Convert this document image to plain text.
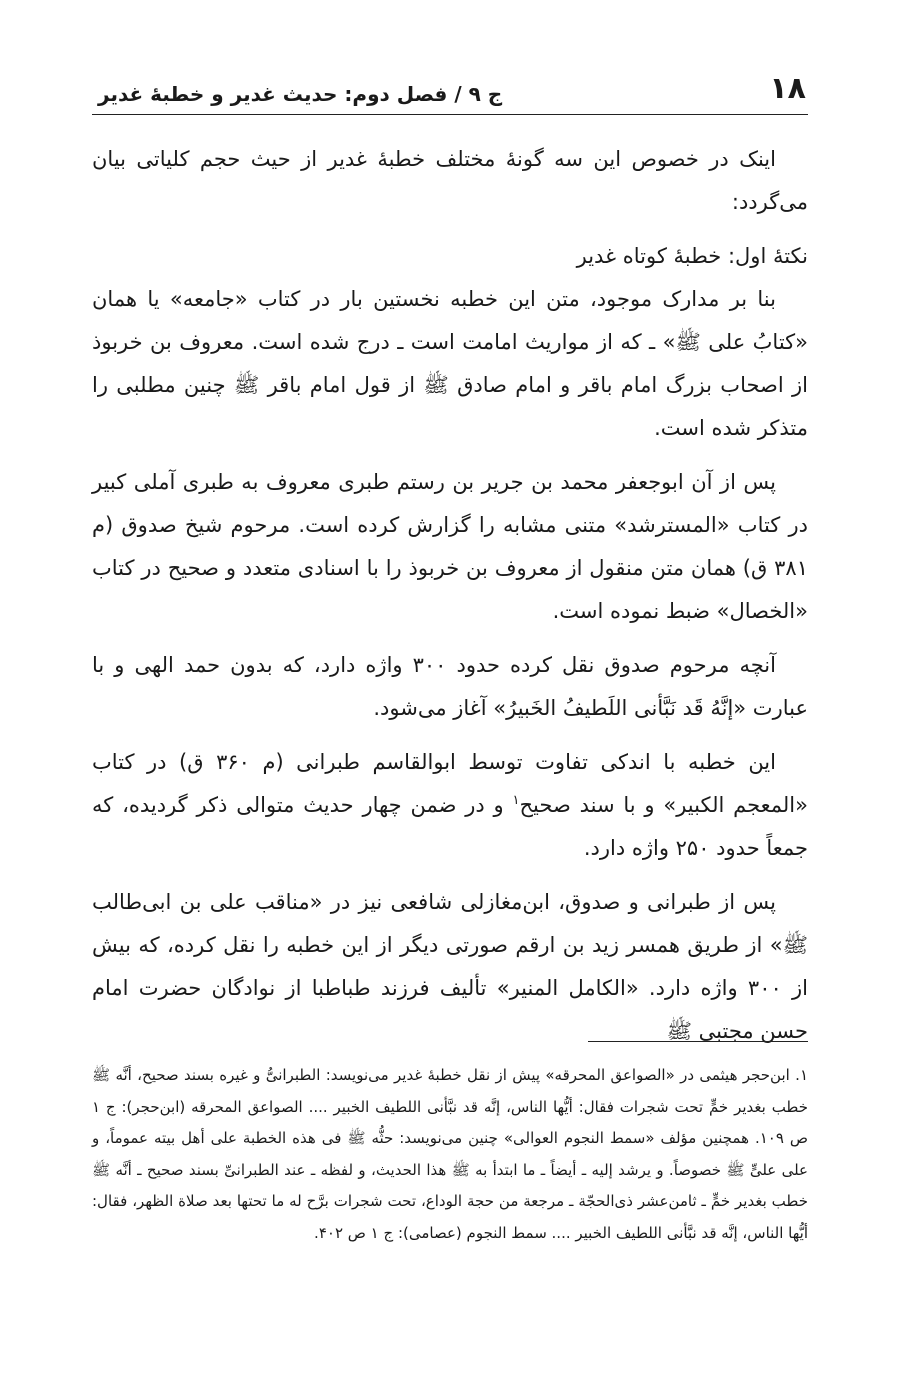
۱۸
ج ۹ / فصل دوم: حدیث غدیر و خطبهٔ غدیر

اینک در خصوص این سه گونهٔ مختلف خطبهٔ غدیر از حیث حجم کلیاتی بیان می‌گردد:

نکتهٔ اول: خطبهٔ کوتاه غدیر

بنا بر مدارک موجود، متن این خطبه نخستین بار در کتاب «جامعه» یا همان «کتابُ علی ﷺ» ـ که از مواریث امامت است ـ درج شده است. معروف بن خربوذ از اصحاب بزرگ امام باقر و امام صادق ﷺ از قول امام باقر ﷺ چنین مطلبی را متذکر شده است.

پس از آن ابوجعفر محمد بن جریر بن رستم طبری معروف به طبری آملی کبیر در کتاب «المسترشد» متنی مشابه را گزارش کرده است. مرحوم شیخ صدوق (م ۳۸۱ ق) همان متن منقول از معروف بن خربوذ را با اسنادی متعدد و صحیح در کتاب «الخصال» ضبط نموده است.

آنچه مرحوم صدوق نقل کرده حدود ۳۰۰ واژه دارد، که بدون حمد الهی و با عبارت «إنَّهُ قَد نَبَّأنی اللَطیفُ الخَبیرُ» آغاز می‌شود.

این خطبه با اندکی تفاوت توسط ابوالقاسم طبرانی (م ۳۶۰ ق) در کتاب «المعجم الکبیر» و با سند صحیح$^۱$ و در ضمن چهار حدیث متوالی ذکر گردیده، که جمعاً حدود ۲۵۰ واژه دارد.

پس از طبرانی و صدوق، ابن‌مغازلی شافعی نیز در «مناقب علی بن ابی‌طالب ﷺ» از طریق همسر زید بن ارقم صورتی دیگر از این خطبه را نقل کرده، که بیش از ۳۰۰ واژه دارد. «الکامل المنیر» تألیف فرزند طباطبا از نوادگان حضرت امام حسن مجتبی ﷺ

۱. ابن‌حجر هیثمی در «الصواعق المحرقه» پیش از نقل خطبهٔ غدیر می‌نویسد: الطبرانیُّ و غیره بسند صحیح، أنَّه ﷺ خطب بغدیر خمٍّ تحت شجرات فقال: أیُّها الناس، إنَّه قد نبَّأنی اللطیف الخبیر .... الصواعق المحرقه (ابن‌حجر): ج ۱ ص ۱۰۹. همچنین مؤلف «سمط النجوم العوالی» چنین می‌نویسد: حثُّه ﷺ فی هذه الخطبة علی أهل بیته عموماً، و علی علیٍّ ﷺ خصوصاً. و یرشد إلیه ـ أیضاً ـ ما ابتدأ به ﷺ هذا الحدیث، و لفظه ـ عند الطبرانیِّ بسند صحیح ـ أنَّه ﷺ خطب بغدیر خمٍّ ـ ثامن‌عشر ذی‌الحجّة ـ مرجعة من حجة الوداع، تحت شجرات برَّح له ما تحتها بعد صلاة الظهر، فقال: أیُّها الناس، إنَّه قد نبَّأنی اللطیف الخبیر .... سمط النجوم (عصامی): ج ۱ ص ۴۰۲.
